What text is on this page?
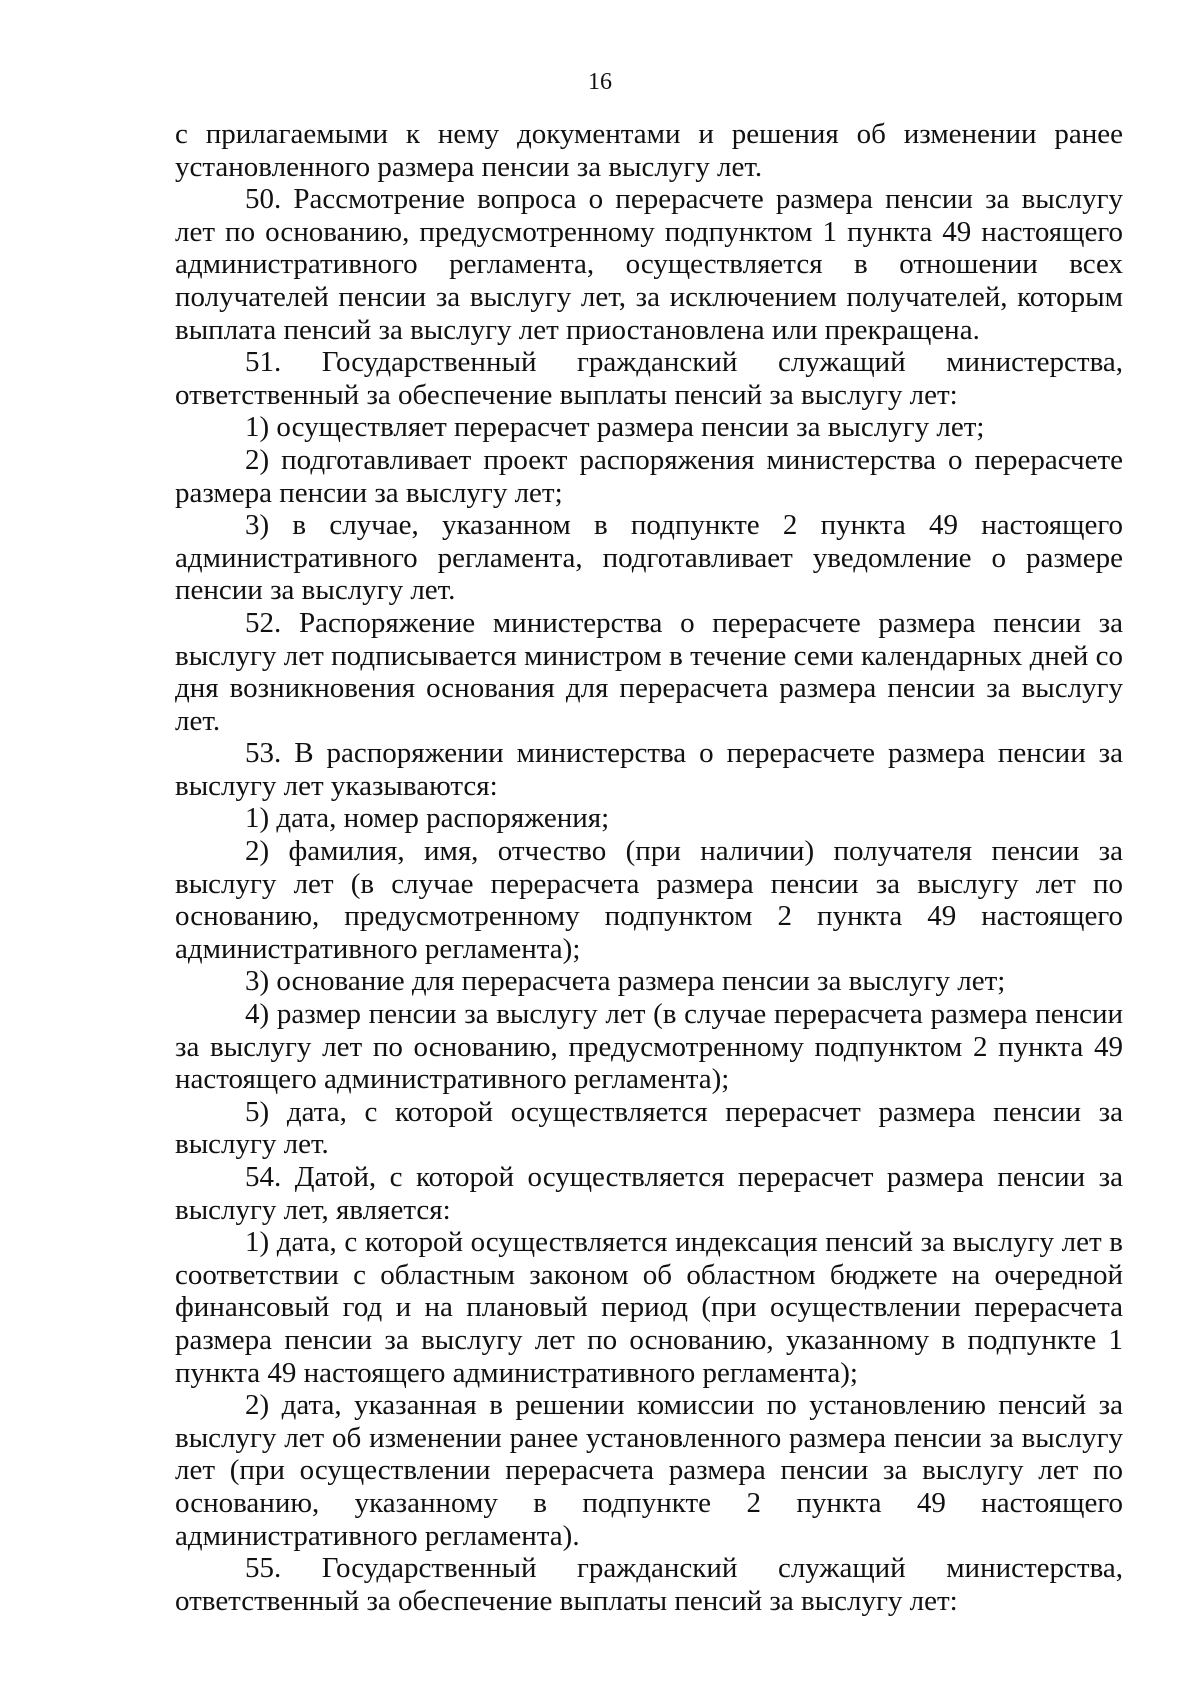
16

с прилагаемыми к нему документами и решения об изменении ранее установленного размера пенсии за выслугу лет.

50. Рассмотрение вопроса о перерасчете размера пенсии за выслугу лет по основанию, предусмотренному подпунктом 1 пункта 49 настоящего административного регламента, осуществляется в отношении всех получателей пенсии за выслугу лет, за исключением получателей, которым выплата пенсий за выслугу лет приостановлена или прекращена.

51. Государственный гражданский служащий министерства, ответственный за обеспечение выплаты пенсий за выслугу лет:

1) осуществляет перерасчет размера пенсии за выслугу лет;

2) подготавливает проект распоряжения министерства о перерасчете размера пенсии за выслугу лет;

3) в случае, указанном в подпункте 2 пункта 49 настоящего административного регламента, подготавливает уведомление о размере пенсии за выслугу лет.

52. Распоряжение министерства о перерасчете размера пенсии за выслугу лет подписывается министром в течение семи календарных дней со дня возникновения основания для перерасчета размера пенсии за выслугу лет.

53. В распоряжении министерства о перерасчете размера пенсии за выслугу лет указываются:

1) дата, номер распоряжения;

2) фамилия, имя, отчество (при наличии) получателя пенсии за выслугу лет (в случае перерасчета размера пенсии за выслугу лет по основанию, предусмотренному подпунктом 2 пункта 49 настоящего административного регламента);

3) основание для перерасчета размера пенсии за выслугу лет;

4) размер пенсии за выслугу лет (в случае перерасчета размера пенсии за выслугу лет по основанию, предусмотренному подпунктом 2 пункта 49 настоящего административного регламента);

5) дата, с которой осуществляется перерасчет размера пенсии за выслугу лет.

54. Датой, с которой осуществляется перерасчет размера пенсии за выслугу лет, является:

1) дата, с которой осуществляется индексация пенсий за выслугу лет в соответствии с областным законом об областном бюджете на очередной финансовый год и на плановый период (при осуществлении перерасчета размера пенсии за выслугу лет по основанию, указанному в подпункте 1 пункта 49 настоящего административного регламента);

2) дата, указанная в решении комиссии по установлению пенсий за выслугу лет об изменении ранее установленного размера пенсии за выслугу лет (при осуществлении перерасчета размера пенсии за выслугу лет по основанию, указанному в подпункте 2 пункта 49 настоящего административного регламента).

55. Государственный гражданский служащий министерства, ответственный за обеспечение выплаты пенсий за выслугу лет:
